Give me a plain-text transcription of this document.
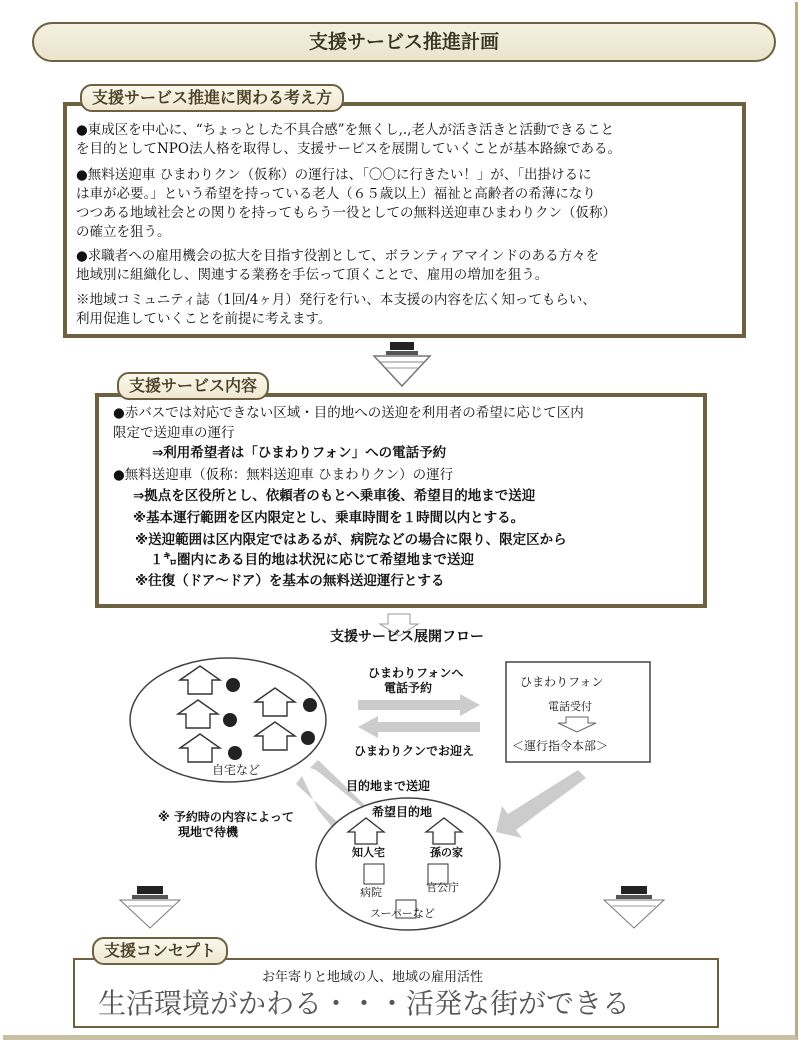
支援サービス推進計画
支援サービス推進に関わる考え方
●東成区を中心に、“ちょっとした不具合感”を無くし,.,老人が活き活きと活動できること
を目的としてNPO法人格を取得し、支援サービスを展開していくことが基本路線である。
●無料送迎車 ひまわりクン（仮称）の運行は、「〇〇に行きたい！」が、「出掛けるに
は車が必要。」という希望を持っている老人（６５歳以上）福祉と高齢者の希薄になり
つつある地域社会との関りを持ってもらう一役としての無料送迎車ひまわりクン（仮称）
の確立を狙う。
●求職者への雇用機会の拡大を目指す役割として、ボランティアマインドのある方々を
地域別に組織化し、関連する業務を手伝って頂くことで、雇用の増加を狙う。
※地域コミュニティ誌（1回/4ヶ月）発行を行い、本支援の内容を広く知ってもらい、
利用促進していくことを前提に考えます。
支援サービス内容
●赤バスでは対応できない区域・目的地への送迎を利用者の希望に応じて区内
限定で送迎車の運行
⇒利用希望者は「ひまわりフォン」への電話予約
●無料送迎車（仮称：無料送迎車 ひまわりクン）の運行
⇒拠点を区役所とし、依頼者のもとへ乗車後、希望目的地まで送迎
※基本運行範囲を区内限定とし、乗車時間を１時間以内とする。
※送迎範囲は区内限定ではあるが、病院などの場合に限り、限定区から
１㌔圏内にある目的地は状況に応じて希望地まで送迎
※往復（ドア～ドア）を基本の無料送迎運行とする
支援サービス展開フロー
自宅など
ひまわりフォンへ
電話予約
ひまわりクンでお迎え
ひまわりフォン
電話受付
＜運行指令本部＞
目的地まで送迎
※ 予約時の内容によって
現地で待機
希望目的地
知人宅	孫の家
病院	官公庁
スーパーなど
支援コンセプト
お年寄りと地域の人、地域の雇用活性
生活環境がかわる・・・活発な街ができる
